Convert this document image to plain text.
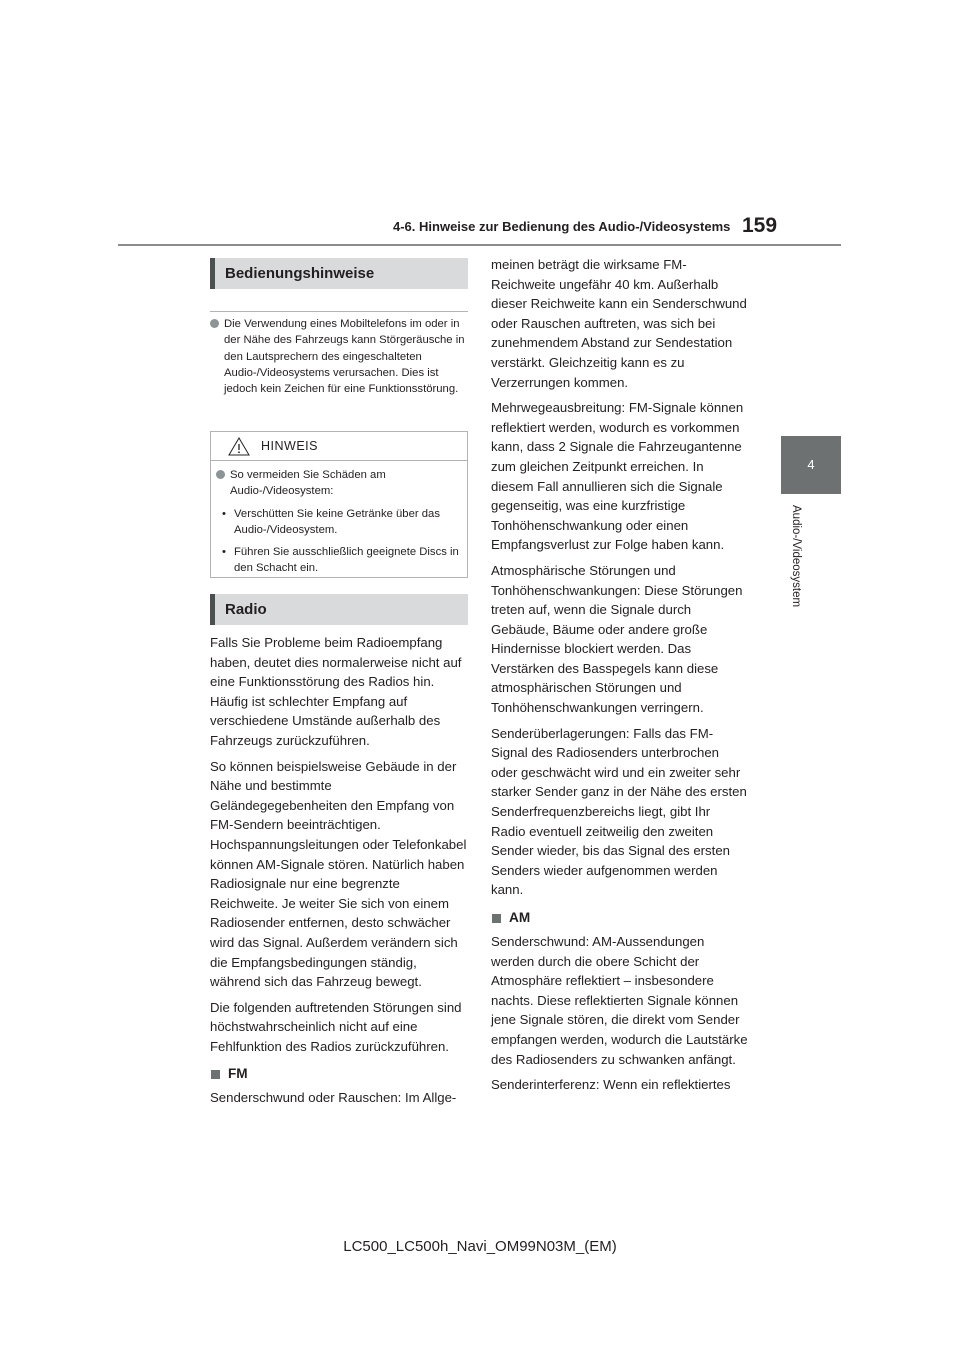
4-6. Hinweise zur Bedienung des Audio-/Videosystems 159
4
Audio-/Videosystem
Bedienungshinweise
Die Verwendung eines Mobiltelefons im oder in der Nähe des Fahrzeugs kann Störgeräusche in den Lautsprechern des eingeschalteten Audio-/Videosystems verursachen. Dies ist jedoch kein Zeichen für eine Funktionsstörung.
HINWEIS
So vermeiden Sie Schäden am Audio-/Videosystem:
• Verschütten Sie keine Getränke über das Audio-/Videosystem.
• Führen Sie ausschließlich geeignete Discs in den Schacht ein.
Radio

Falls Sie Probleme beim Radioempfang haben, deutet dies normalerweise nicht auf eine Funktionsstörung des Radios hin. Häufig ist schlechter Empfang auf verschiedene Umstände außerhalb des Fahrzeugs zurückzuführen.

So können beispielsweise Gebäude in der Nähe und bestimmte Geländegegebenheiten den Empfang von FM-Sendern beeinträchtigen. Hochspannungsleitungen oder Telefonkabel können AM-Signale stören. Natürlich haben Radiosignale nur eine begrenzte Reichweite. Je weiter Sie sich von einem Radiosender entfernen, desto schwächer wird das Signal. Außerdem verändern sich die Empfangsbedingungen ständig, während sich das Fahrzeug bewegt.

Die folgenden auftretenden Störungen sind höchstwahrscheinlich nicht auf eine Fehlfunktion des Radios zurückzuführen.

FM

Senderschwund oder Rauschen: Im Allge-

meinen beträgt die wirksame FM-Reichweite ungefähr 40 km. Außerhalb dieser Reichweite kann ein Senderschwund oder Rauschen auftreten, was sich bei zunehmendem Abstand zur Sendestation verstärkt. Gleichzeitig kann es zu Verzerrungen kommen.

Mehrwegeausbreitung: FM-Signale können reflektiert werden, wodurch es vorkommen kann, dass 2 Signale die Fahrzeugantenne zum gleichen Zeitpunkt erreichen. In diesem Fall annullieren sich die Signale gegenseitig, was eine kurzfristige Tonhöhenschwankung oder einen Empfangsverlust zur Folge haben kann.

Atmosphärische Störungen und Tonhöhenschwankungen: Diese Störungen treten auf, wenn die Signale durch Gebäude, Bäume oder andere große Hindernisse blockiert werden. Das Verstärken des Basspegels kann diese atmosphärischen Störungen und Tonhöhenschwankungen verringern.

Senderüberlagerungen: Falls das FM-Signal des Radiosenders unterbrochen oder geschwächt wird und ein zweiter sehr starker Sender ganz in der Nähe des ersten Senderfrequenzbereichs liegt, gibt Ihr Radio eventuell zeitweilig den zweiten Sender wieder, bis das Signal des ersten Senders wieder aufgenommen werden kann.

AM

Senderschwund: AM-Aussendungen werden durch die obere Schicht der Atmosphäre reflektiert – insbesondere nachts. Diese reflektierten Signale können jene Signale stören, die direkt vom Sender empfangen werden, wodurch die Lautstärke des Radiosenders zu schwanken anfängt.

Senderinterferenz: Wenn ein reflektiertes

LC500_LC500h_Navi_OM99N03M_(EM)
